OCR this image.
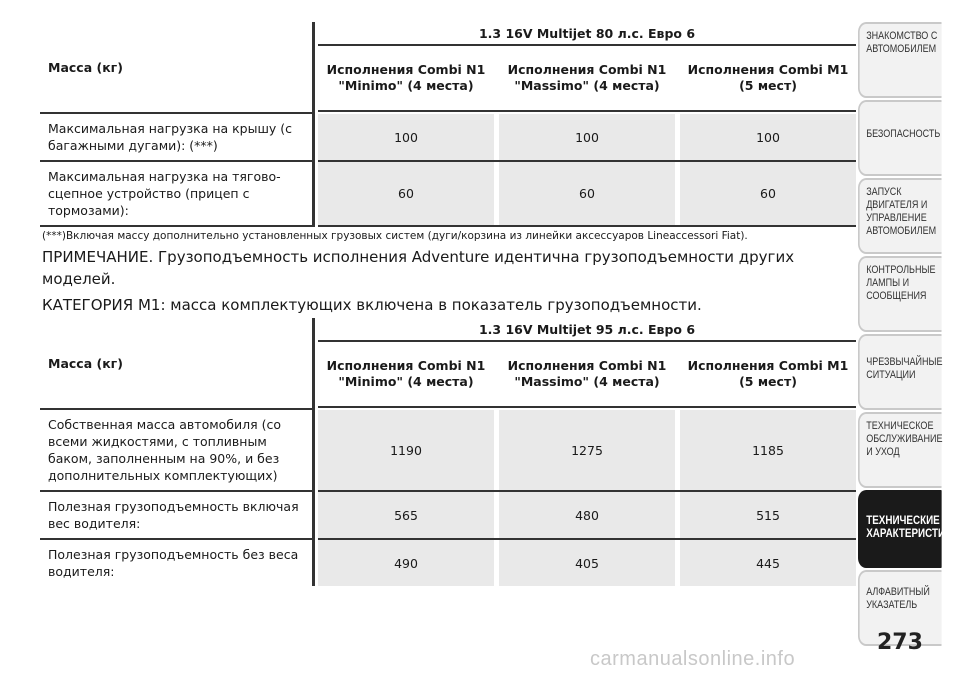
Масса (кг)		1.3 16V Multijet 80 л.с. Евро 6				
		Исполнения Combi N1 "Minimo" (4 места)		Исполнения Combi N1 "Massimo" (4 места)		Исполнения Combi M1 (5 мест)

Максимальная нагрузка на крышу (с багажными дугами): (***)		100		100		100
Максимальная нагрузка на тягово-сцепное устройство (прицеп с тормозами):		60		60		60
(***)Включая массу дополнительно установленных грузовых систем (дуги/корзина из линейки аксессуаров Lineaccessori Fiat).
ПРИМЕЧАНИЕ. Грузоподъемность исполнения Adventure идентична грузоподъемности других моделей.
КАТЕГОРИЯ M1: масса комплектующих включена в показатель грузоподъемности.
Масса (кг)		1.3 16V Multijet 95 л.с. Евро 6				
		Исполнения Combi N1 "Minimo" (4 места)		Исполнения Combi N1 "Massimo" (4 места)		Исполнения Combi M1 (5 мест)

Собственная масса автомобиля (со всеми жидкостями, с топливным баком, заполненным на 90%, и без дополнительных комплектующих)		1190		1275		1185
Полезная грузоподъемность включая вес водителя:		565		480		515
Полезная грузоподъемность без веса водителя:		490		405		445
ЗНАКОМСТВО С АВТОМОБИЛЕМ
БЕЗОПАСНОСТЬ
ЗАПУСК ДВИГАТЕЛЯ И УПРАВЛЕНИЕ АВТОМОБИЛЕМ
КОНТРОЛЬНЫЕ ЛАМПЫ И СООБЩЕНИЯ
ЧРЕЗВЫЧАЙНЫЕ СИТУАЦИИ
ТЕХНИЧЕСКОЕ ОБСЛУЖИВАНИЕ И УХОД
ТЕХНИЧЕСКИЕ ХАРАКТЕРИСТИКИ
АЛФАВИТНЫЙ УКАЗАТЕЛЬ
273
carmanualsonline.info
